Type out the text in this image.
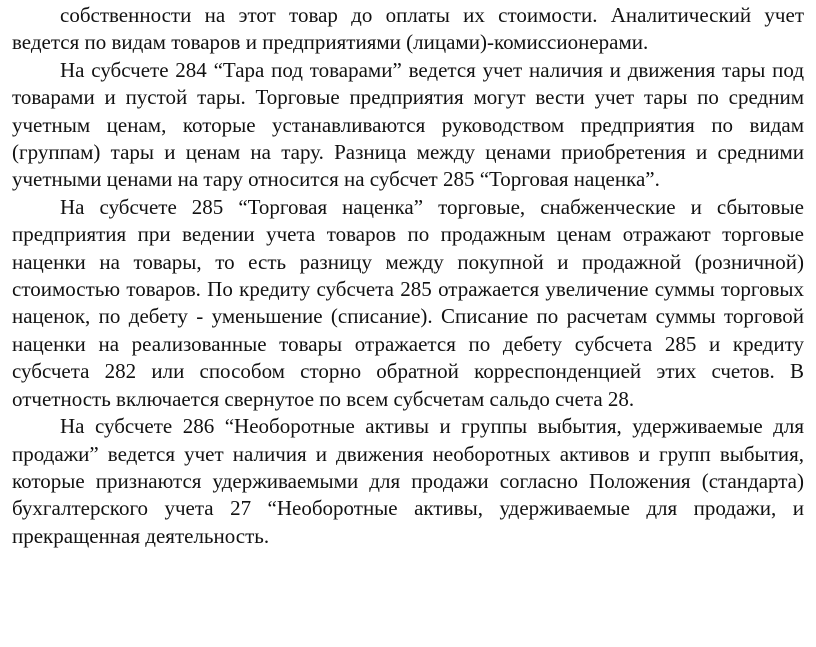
собственности на этот товар до оплаты их стоимости. Аналитический учет ведется по видам товаров и предприятиями (лицами)-комиссионерами.

На субсчете 284 “Тара под товарами” ведется учет наличия и движения тары под товарами и пустой тары. Торговые предприятия могут вести учет тары по средним учетным ценам, которые устанавливаются руководством предприятия по видам (группам) тары и ценам на тару. Разница между ценами приобретения и средними учетными ценами на тару относится на субсчет 285 “Торговая наценка”.

На субсчете 285 “Торговая наценка” торговые, снабженческие и сбытовые предприятия при ведении учета товаров по продажным ценам отражают торговые наценки на товары, то есть разницу между покупной и продажной (розничной) стоимостью товаров. По кредиту субсчета 285 отражается увеличение суммы торговых наценок, по дебету - уменьшение (списание). Списание по расчетам суммы торговой наценки на реализованные товары отражается по дебету субсчета 285 и кредиту субсчета 282 или способом сторно обратной корреспонденцией этих счетов. В отчетность включается свернутое по всем субсчетам сальдо счета 28.

На субсчете 286 “Необоротные активы и группы выбытия, удерживаемые для продажи” ведется учет наличия и движения необоротных активов и групп выбытия, которые признаются удерживаемыми для продажи согласно Положения (стандарта) бухгалтерского учета 27 “Необоротные активы, удерживаемые для продажи, и прекращенная деятельность.
